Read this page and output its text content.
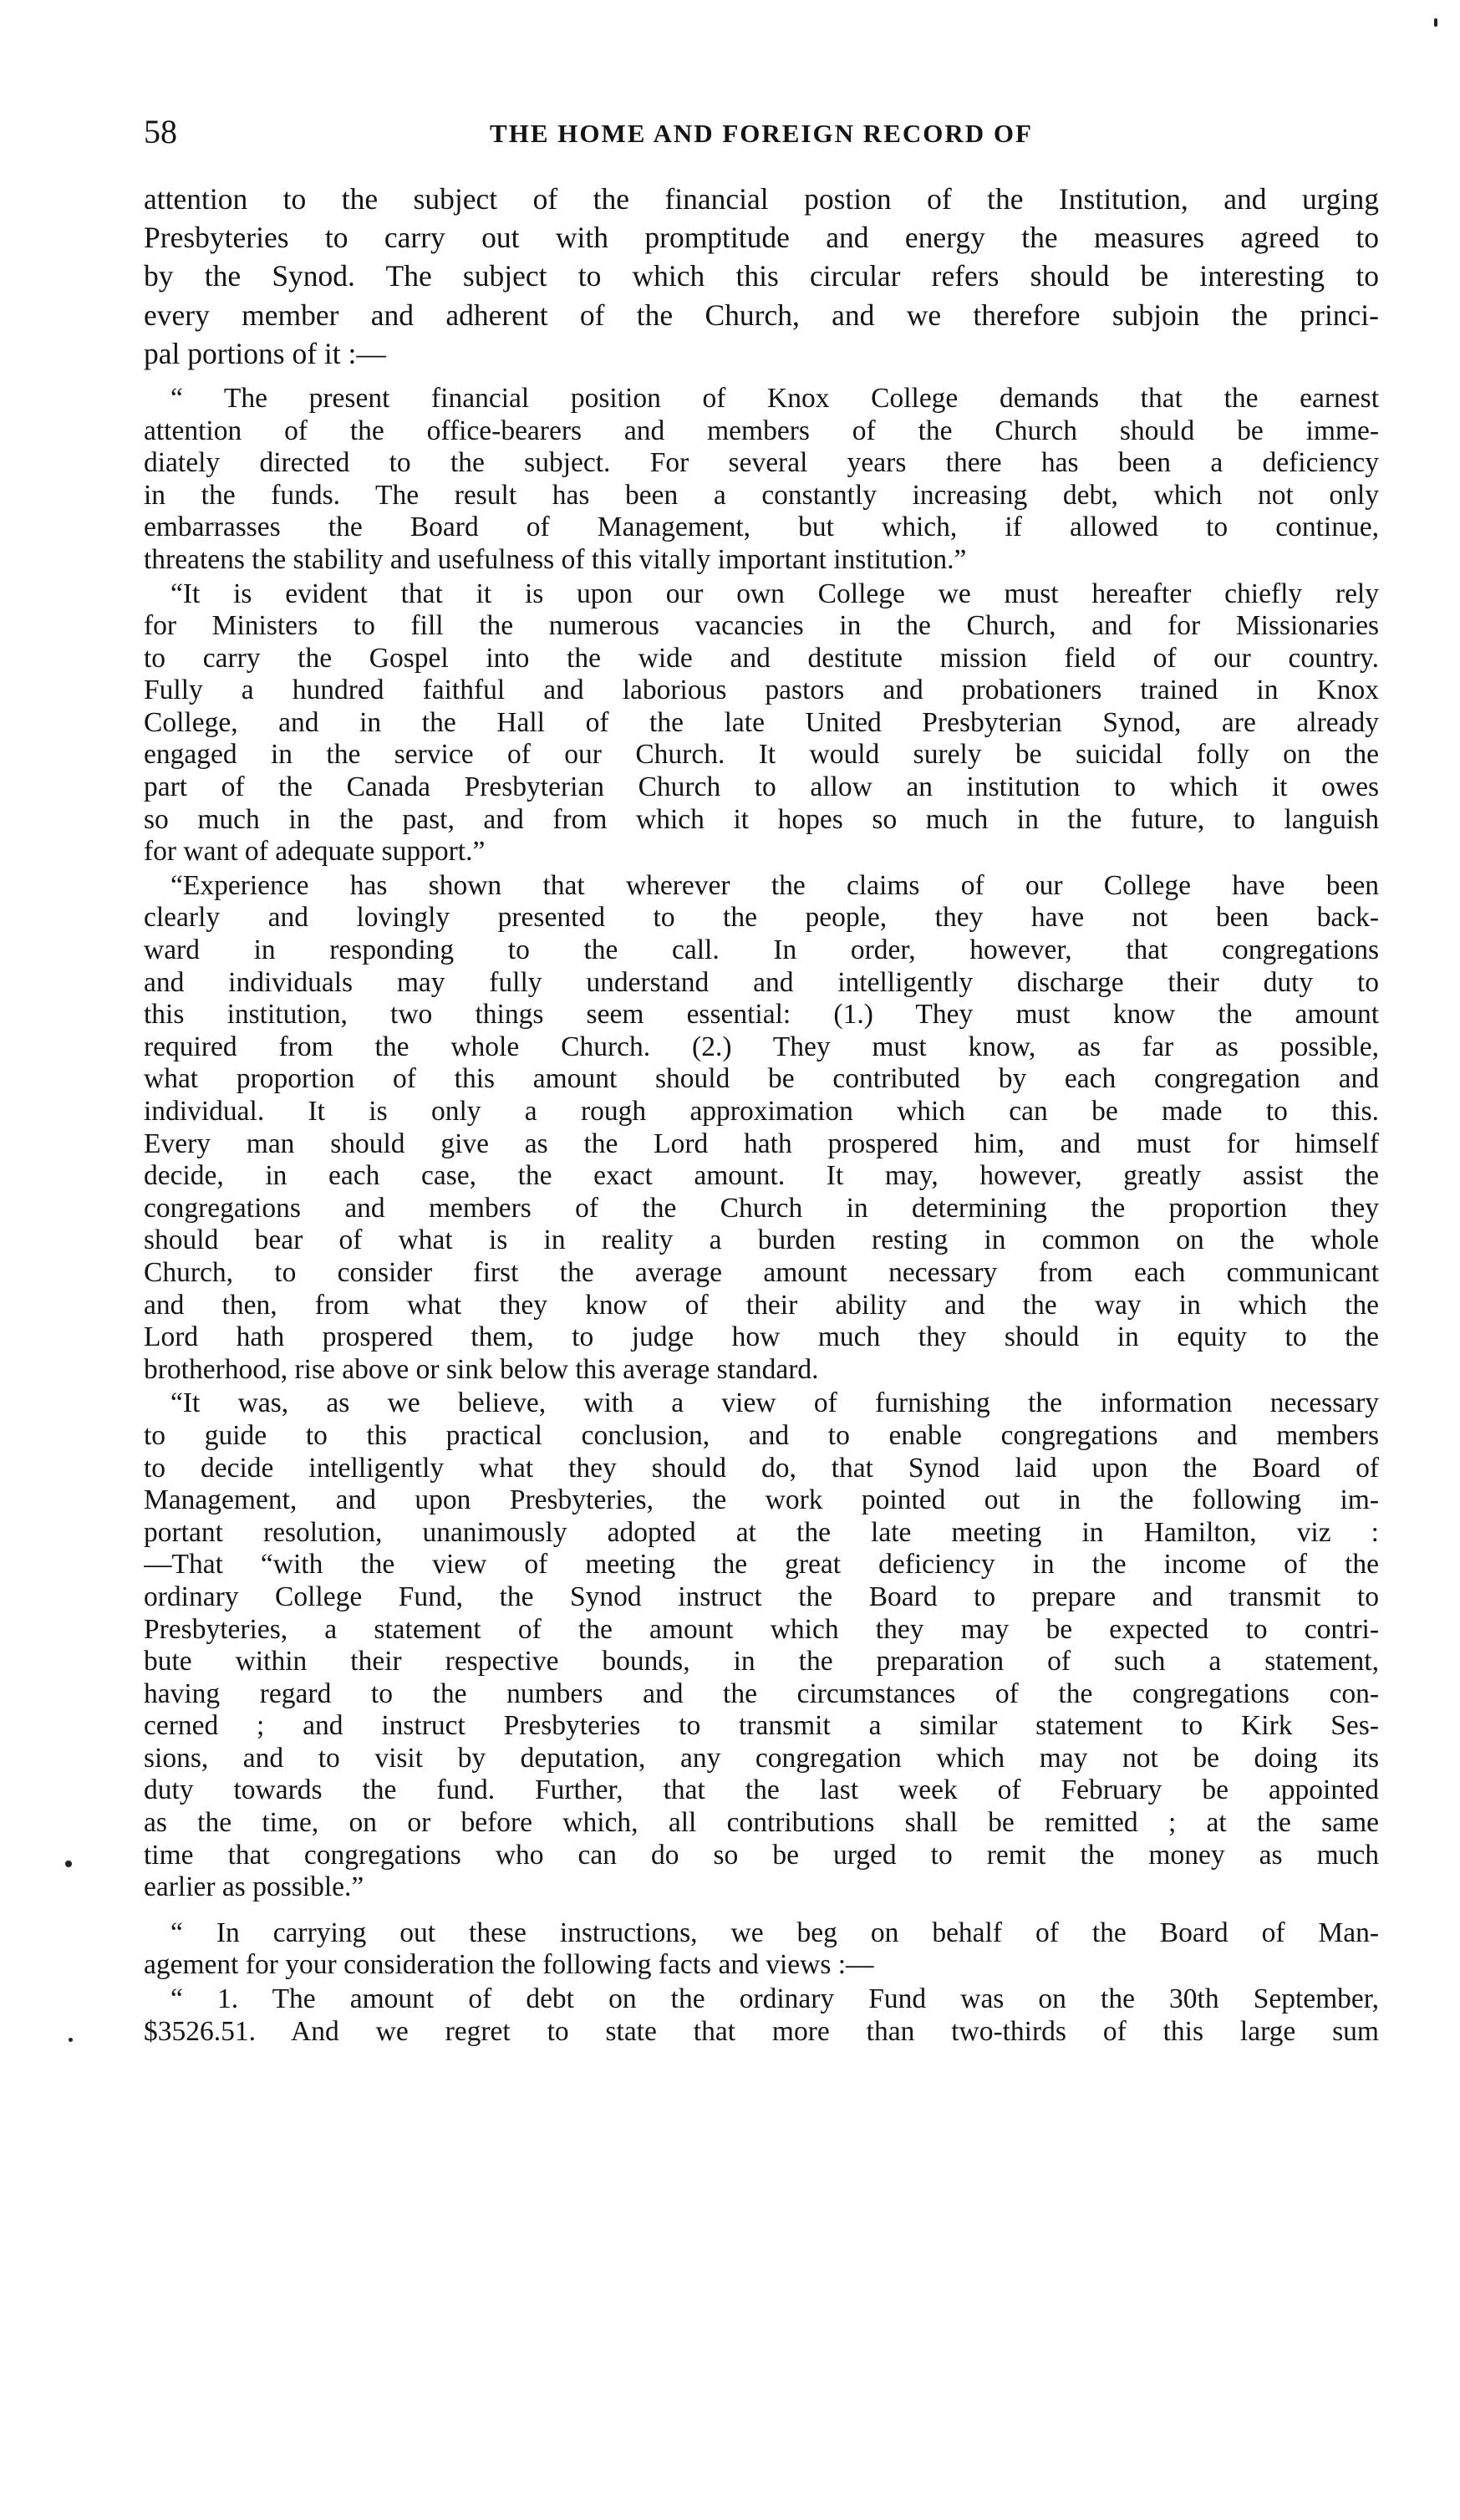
58	THE HOME AND FOREIGN RECORD OF
attention to the subject of the financial postion of the Institution, and urging
Presbyteries to carry out with promptitude and energy the measures agreed to
by the Synod. The subject to which this circular refers should be interesting to
every member and adherent of the Church, and we therefore subjoin the princi-
pal portions of it :—
“ The present financial position of Knox College demands that the earnest
attention of the office-bearers and members of the Church should be imme-
diately directed to the subject. For several years there has been a deficiency
in the funds. The result has been a constantly increasing debt, which not only
embarrasses the Board of Management, but which, if allowed to continue,
threatens the stability and usefulness of this vitally important institution.”
“It is evident that it is upon our own College we must hereafter chiefly rely
for Ministers to fill the numerous vacancies in the Church, and for Missionaries
to carry the Gospel into the wide and destitute mission field of our country.
Fully a hundred faithful and laborious pastors and probationers trained in Knox
College, and in the Hall of the late United Presbyterian Synod, are already
engaged in the service of our Church. It would surely be suicidal folly on the
part of the Canada Presbyterian Church to allow an institution to which it owes
so much in the past, and from which it hopes so much in the future, to languish
for want of adequate support.”
“Experience has shown that wherever the claims of our College have been
clearly and lovingly presented to the people, they have not been back-
ward in responding to the call. In order, however, that congregations
and individuals may fully understand and intelligently discharge their duty to
this institution, two things seem essential: (1.) They must know the amount
required from the whole Church. (2.) They must know, as far as possible,
what proportion of this amount should be contributed by each congregation and
individual. It is only a rough approximation which can be made to this.
Every man should give as the Lord hath prospered him, and must for himself
decide, in each case, the exact amount. It may, however, greatly assist the
congregations and members of the Church in determining the proportion they
should bear of what is in reality a burden resting in common on the whole
Church, to consider first the average amount necessary from each communicant
and then, from what they know of their ability and the way in which the
Lord hath prospered them, to judge how much they should in equity to the
brotherhood, rise above or sink below this average standard.
“It was, as we believe, with a view of furnishing the information necessary
to guide to this practical conclusion, and to enable congregations and members
to decide intelligently what they should do, that Synod laid upon the Board of
Management, and upon Presbyteries, the work pointed out in the following im-
portant resolution, unanimously adopted at the late meeting in Hamilton, viz :
—That “with the view of meeting the great deficiency in the income of the
ordinary College Fund, the Synod instruct the Board to prepare and transmit to
Presbyteries, a statement of the amount which they may be expected to contri-
bute within their respective bounds, in the preparation of such a statement,
having regard to the numbers and the circumstances of the congregations con-
cerned ; and instruct Presbyteries to transmit a similar statement to Kirk Ses-
sions, and to visit by deputation, any congregation which may not be doing its
duty towards the fund. Further, that the last week of February be appointed
as the time, on or before which, all contributions shall be remitted ; at the same
time that congregations who can do so be urged to remit the money as much
earlier as possible.”
“ In carrying out these instructions, we beg on behalf of the Board of Man-
agement for your consideration the following facts and views :—
“ 1. The amount of debt on the ordinary Fund was on the 30th September,
$3526.51. And we regret to state that more than two-thirds of this large sum
